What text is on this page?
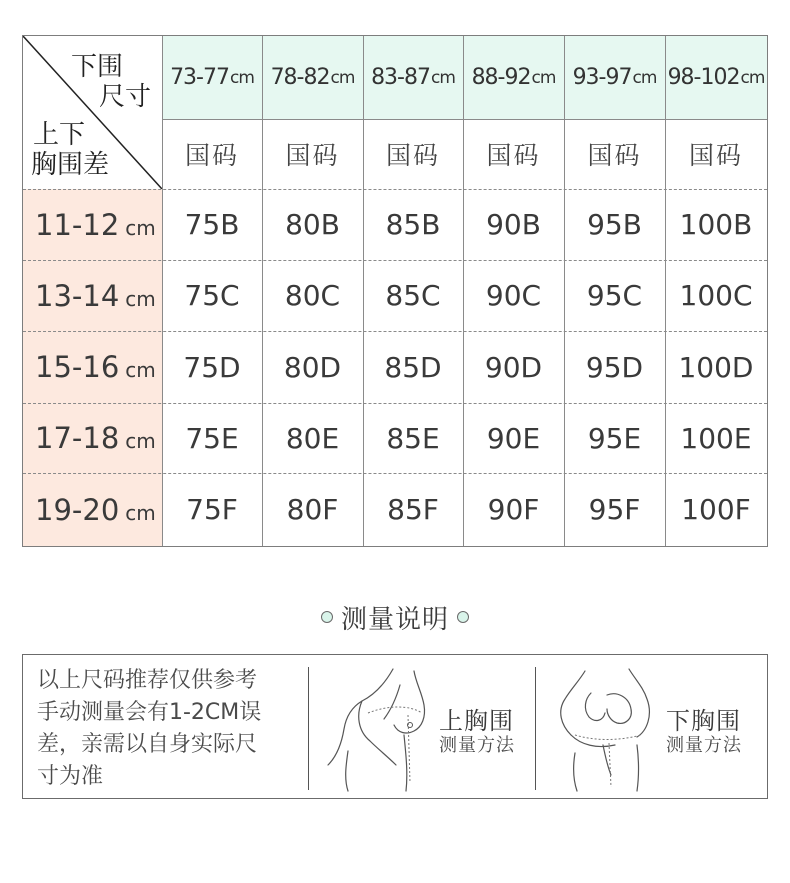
下围
尺寸
上下
胸围差
73-77 cm 78-82 cm 83-87 cm 88-92 cm 93-97 cm 98-102 cm
国码	国码	国码	国码	国码	国码
11-12 cm	75B	80B	85B	90B	95B	100B
13-14 cm	75C	80C	85C	90C	95C	100C
15-16 cm 75D	80D	85D	90D	95D	100D
17-18 cm	75E	80E	85E	90E	95E	100E
19-20 cm	75F	80F	85F	90F	95F	100F
测量说明
以上尺码推荐仅供参考
手动测量会有1-2CM误
差，亲需以自身实际尺
寸为准
上胸围
测量方法
下胸围
测量方法
